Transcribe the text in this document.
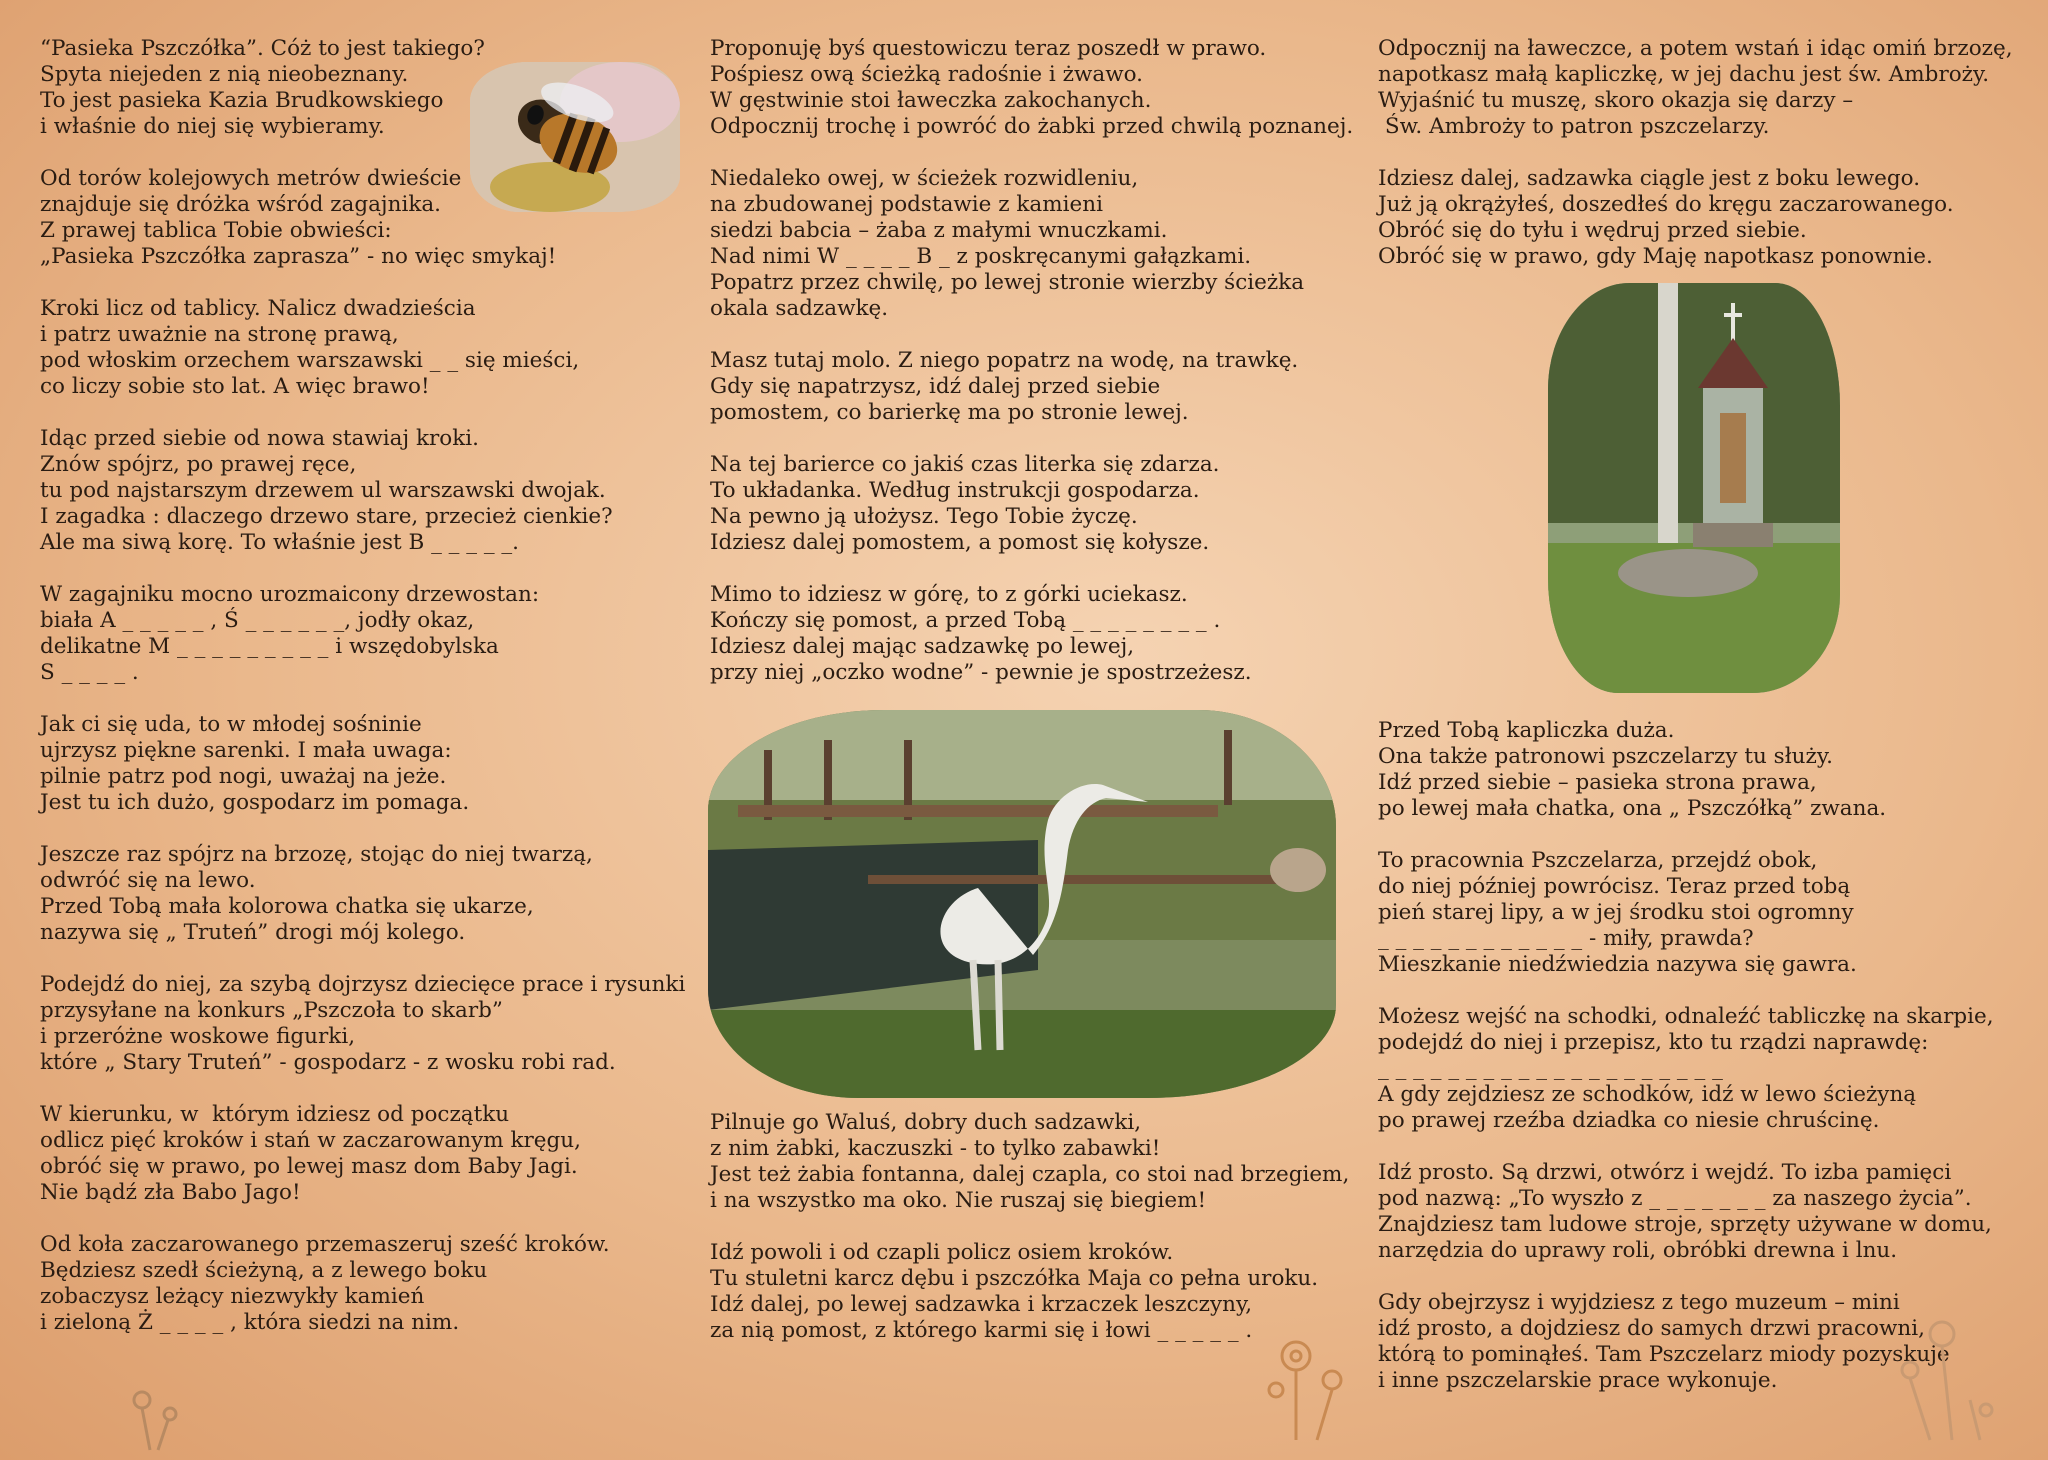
“Pasieka Pszczółka”. Cóż to jest takiego?
Spyta niejeden z nią nieobeznany.
To jest pasieka Kazia Brudkowskiego
i właśnie do niej się wybieramy.
Od torów kolejowych metrów dwieście
znajduje się dróżka wśród zagajnika.
Z prawej tablica Tobie obwieści:
„Pasieka Pszczółka zaprasza” - no więc smykaj!
Kroki licz od tablicy. Nalicz dwadzieścia
i patrz uważnie na stronę prawą,
pod włoskim orzechem warszawski _ _ się mieści,
co liczy sobie sto lat. A więc brawo!
Idąc przed siebie od nowa stawiaj kroki.
Znów spójrz, po prawej ręce,
tu pod najstarszym drzewem ul warszawski dwojak.
I zagadka : dlaczego drzewo stare, przecież cienkie?
Ale ma siwą korę. To właśnie jest B _ _ _ _ _.
W zagajniku mocno urozmaicony drzewostan:
biała A _ _ _ _ _ , Ś _ _ _ _ _ _, jodły okaz,
delikatne M _ _ _ _ _ _ _ _ _ i wszędobylska
S _ _ _ _ .
Jak ci się uda, to w młodej sośninie
ujrzysz piękne sarenki. I mała uwaga:
pilnie patrz pod nogi, uważaj na jeże.
Jest tu ich dużo, gospodarz im pomaga.
Jeszcze raz spójrz na brzozę, stojąc do niej twarzą,
odwróć się na lewo.
Przed Tobą mała kolorowa chatka się ukarze,
nazywa się „ Truteń” drogi mój kolego.
Podejdź do niej, za szybą dojrzysz dziecięce prace i rysunki
przysyłane na konkurs „Pszczoła to skarb”
i przeróżne woskowe figurki,
które „ Stary Truteń” - gospodarz - z wosku robi rad.
W kierunku, w  którym idziesz od początku
odlicz pięć kroków i stań w zaczarowanym kręgu,
obróć się w prawo, po lewej masz dom Baby Jagi.
Nie bądź zła Babo Jago!
Od koła zaczarowanego przemaszeruj sześć kroków.
Będziesz szedł ścieżyną, a z lewego boku
zobaczysz leżący niezwykły kamień
i zieloną Ż _ _ _ _ , która siedzi na nim.
Proponuję byś questowiczu teraz poszedł w prawo.
Pośpiesz ową ścieżką radośnie i żwawo.
W gęstwinie stoi ławeczka zakochanych.
Odpocznij trochę i powróć do żabki przed chwilą poznanej.
Niedaleko owej, w ścieżek rozwidleniu,
na zbudowanej podstawie z kamieni
siedzi babcia – żaba z małymi wnuczkami.
Nad nimi W _ _ _ _ B _ z poskręcanymi gałązkami.
Popatrz przez chwilę, po lewej stronie wierzby ścieżka
okala sadzawkę.
Masz tutaj molo. Z niego popatrz na wodę, na trawkę.
Gdy się napatrzysz, idź dalej przed siebie
pomostem, co barierkę ma po stronie lewej.
Na tej barierce co jakiś czas literka się zdarza.
To układanka. Według instrukcji gospodarza.
Na pewno ją ułożysz. Tego Tobie życzę.
Idziesz dalej pomostem, a pomost się kołysze.
Mimo to idziesz w górę, to z górki uciekasz.
Kończy się pomost, a przed Tobą _ _ _ _ _ _ _ _ .
Idziesz dalej mając sadzawkę po lewej,
przy niej „oczko wodne” - pewnie je spostrzeżesz.
Pilnuje go Waluś, dobry duch sadzawki,
z nim żabki, kaczuszki - to tylko zabawki!
Jest też żabia fontanna, dalej czapla, co stoi nad brzegiem,
i na wszystko ma oko. Nie ruszaj się biegiem!
Idź powoli i od czapli policz osiem kroków.
Tu stuletni karcz dębu i pszczółka Maja co pełna uroku.
Idź dalej, po lewej sadzawka i krzaczek leszczyny,
za nią pomost, z którego karmi się i łowi _ _ _ _ _ .
Odpocznij na ławeczce, a potem wstań i idąc omiń brzozę,
napotkasz małą kapliczkę, w jej dachu jest św. Ambroży.
Wyjaśnić tu muszę, skoro okazja się darzy –
Św. Ambroży to patron pszczelarzy.
Idziesz dalej, sadzawka ciągle jest z boku lewego.
Już ją okrążyłeś, doszedłeś do kręgu zaczarowanego.
Obróć się do tyłu i wędruj przed siebie.
Obróć się w prawo, gdy Maję napotkasz ponownie.
Przed Tobą kapliczka duża.
Ona także patronowi pszczelarzy tu służy.
Idź przed siebie – pasieka strona prawa,
po lewej mała chatka, ona „ Pszczółką” zwana.
To pracownia Pszczelarza, przejdź obok,
do niej później powrócisz. Teraz przed tobą
pień starej lipy, a w jej środku stoi ogromny
_ _ _ _ _ _ _ _ _ _ _ _ - miły, prawda?
Mieszkanie niedźwiedzia nazywa się gawra.
Możesz wejść na schodki, odnaleźć tabliczkę na skarpie,
podejdź do niej i przepisz, kto tu rządzi naprawdę:
_ _ _ _ _ _ _ _ _ _ _ _ _ _ _ _ _ _ _ _
A gdy zejdziesz ze schodków, idź w lewo ścieżyną
po prawej rzeźba dziadka co niesie chruścinę.
Idź prosto. Są drzwi, otwórz i wejdź. To izba pamięci
pod nazwą: „To wyszło z _ _ _ _ _ _ _ za naszego życia”.
Znajdziesz tam ludowe stroje, sprzęty używane w domu,
narzędzia do uprawy roli, obróbki drewna i lnu.
Gdy obejrzysz i wyjdziesz z tego muzeum – mini
idź prosto, a dojdziesz do samych drzwi pracowni,
którą to pominąłeś. Tam Pszczelarz miody pozyskuje
i inne pszczelarskie prace wykonuje.
